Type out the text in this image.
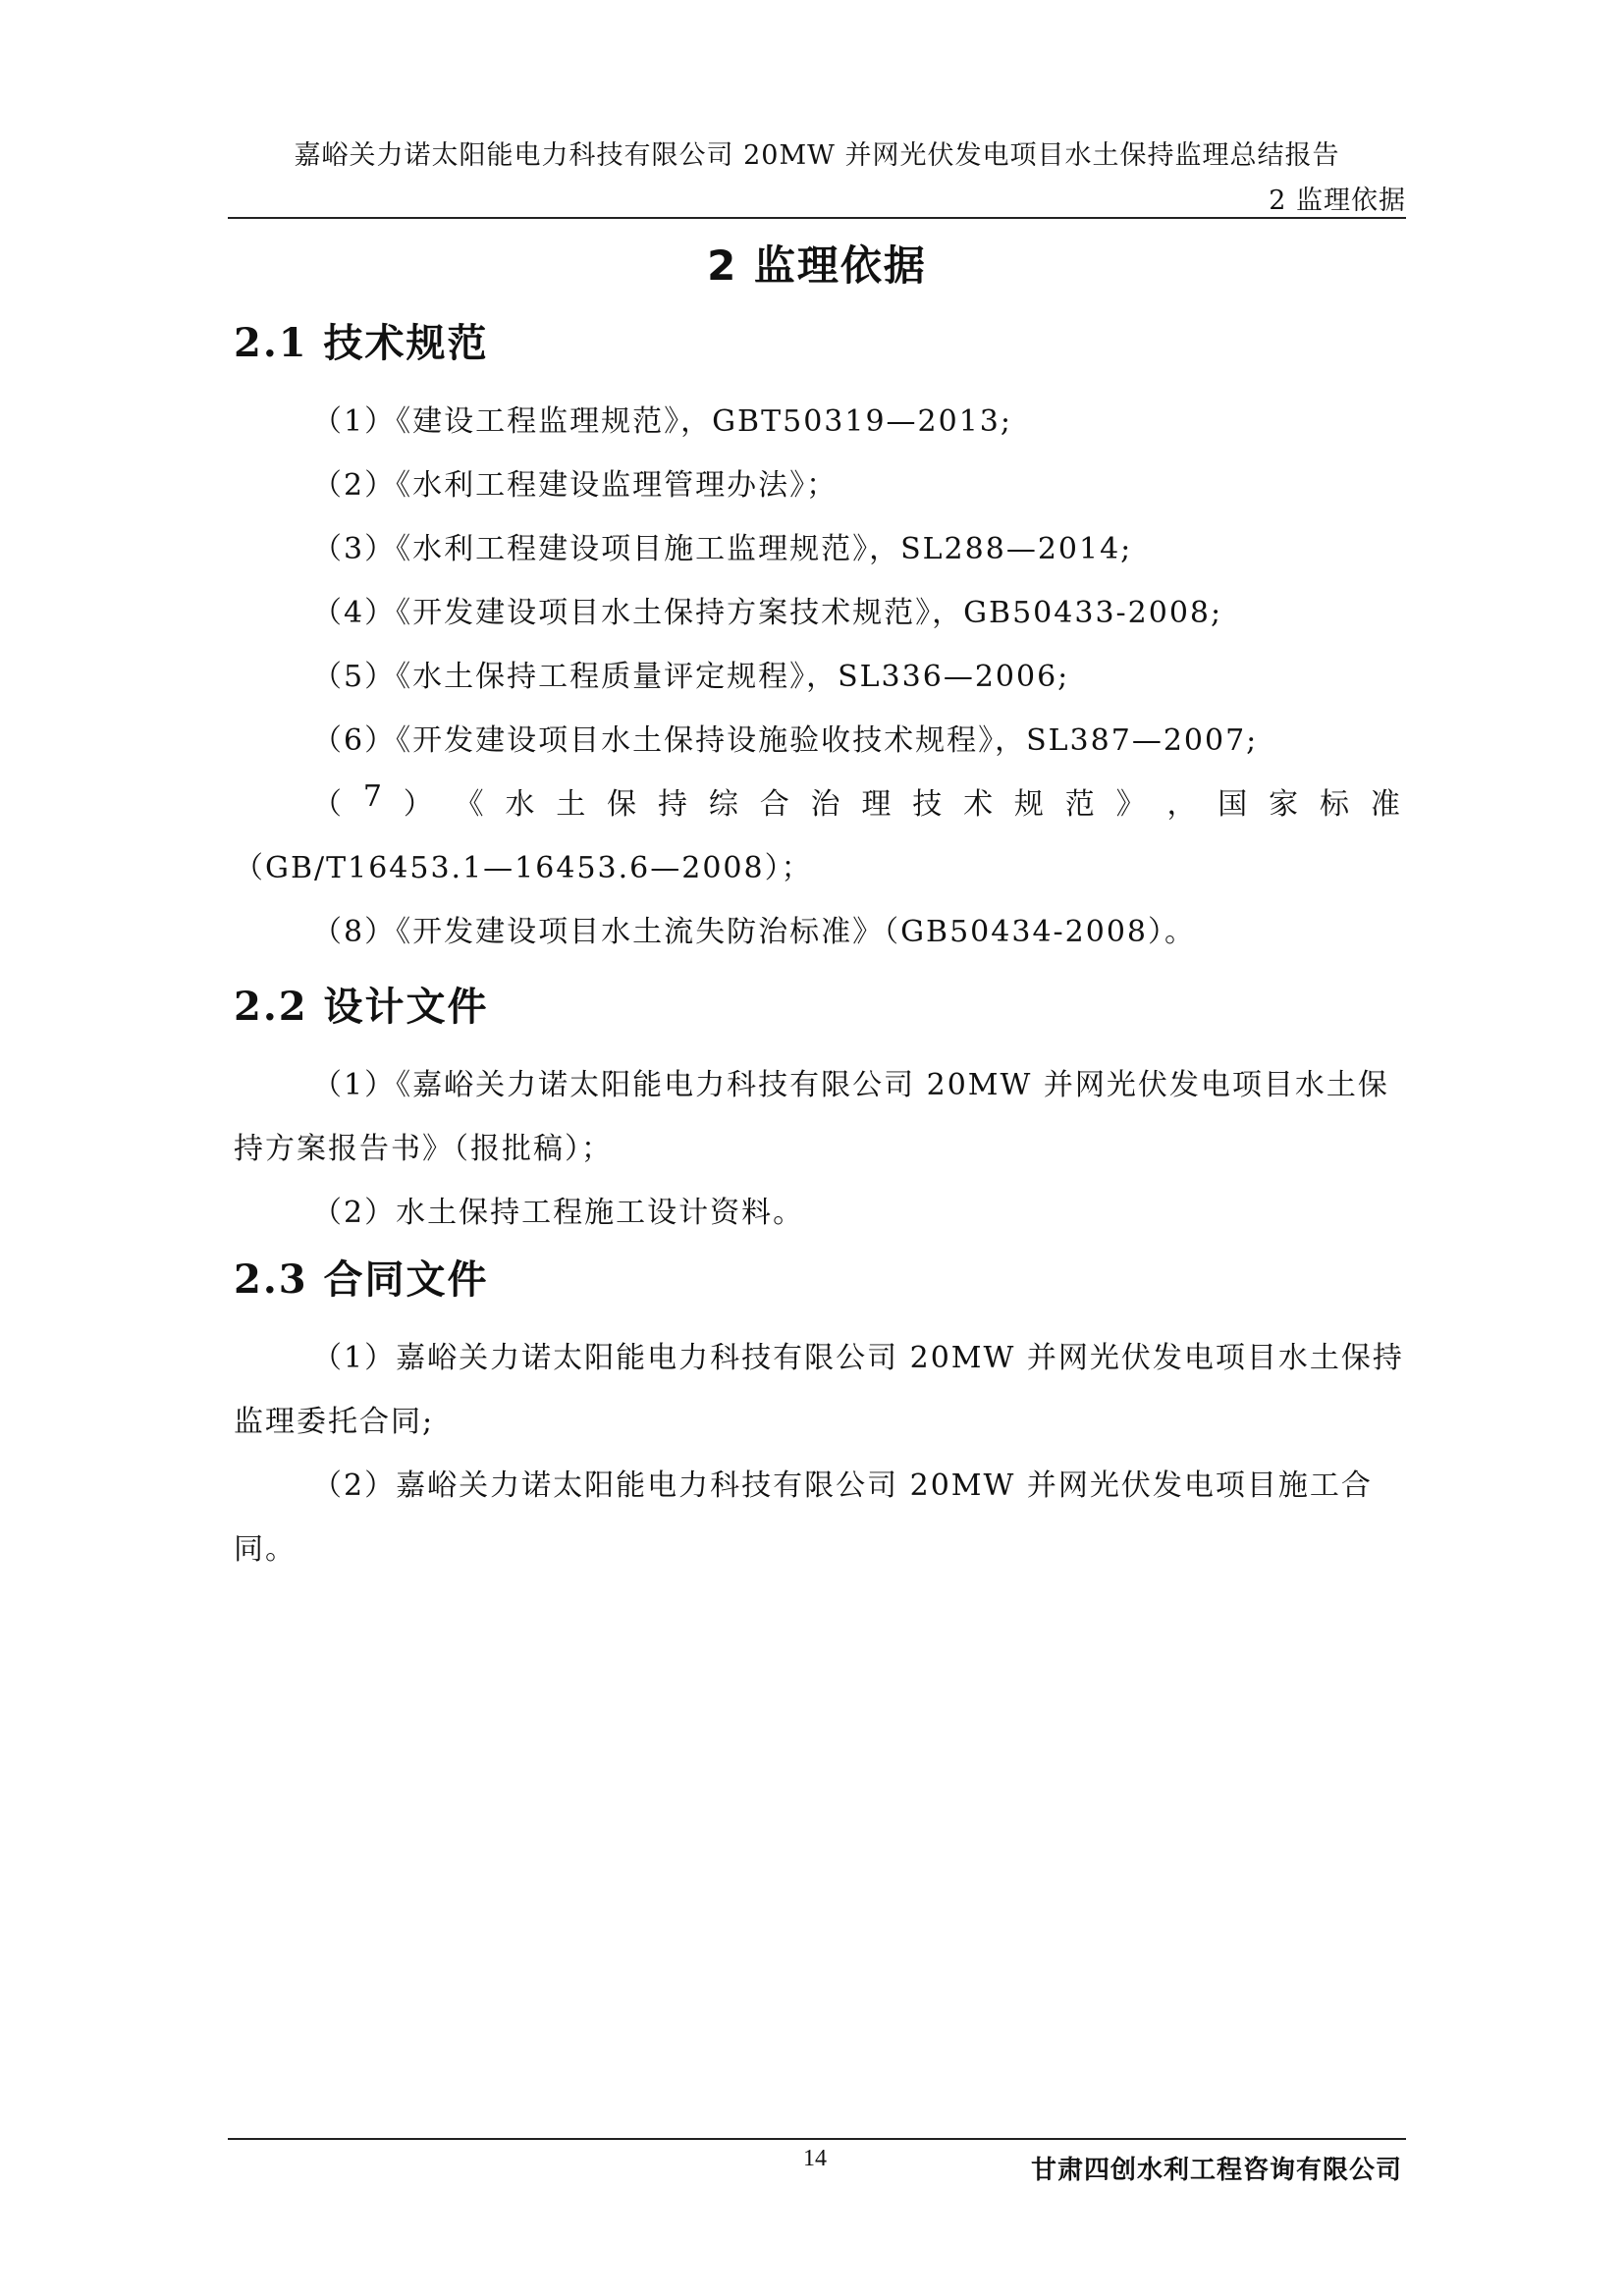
嘉峪关力诺太阳能电力科技有限公司 20MW 并网光伏发电项目水土保持监理总结报告
2 监理依据
2 监理依据
2.1 技术规范
（1）《建设工程监理规范》，GBT50319—2013;
（2）《水利工程建设监理管理办法》；
（3）《水利工程建设项目施工监理规范》，SL288—2014;
（4）《开发建设项目水土保持方案技术规范》，GB50433-2008;
（5）《水土保持工程质量评定规程》，SL336—2006;
（6）《开发建设项目水土保持设施验收技术规程》，SL387—2007;
（ 7 ） 《 水 土 保 持 综 合 治 理 技 术 规 范 》 ， 国 家 标 准
（GB/T16453.1—16453.6—2008）；
（8）《开发建设项目水土流失防治标准》（GB50434-2008）。
2.2 设计文件
（1）《嘉峪关力诺太阳能电力科技有限公司 20MW 并网光伏发电项目水土保
持方案报告书》（报批稿）；
（2）水土保持工程施工设计资料。
2.3 合同文件
（1）嘉峪关力诺太阳能电力科技有限公司 20MW 并网光伏发电项目水土保持
监理委托合同;
（2）嘉峪关力诺太阳能电力科技有限公司 20MW 并网光伏发电项目施工合
同。
14	甘肃四创水利工程咨询有限公司
